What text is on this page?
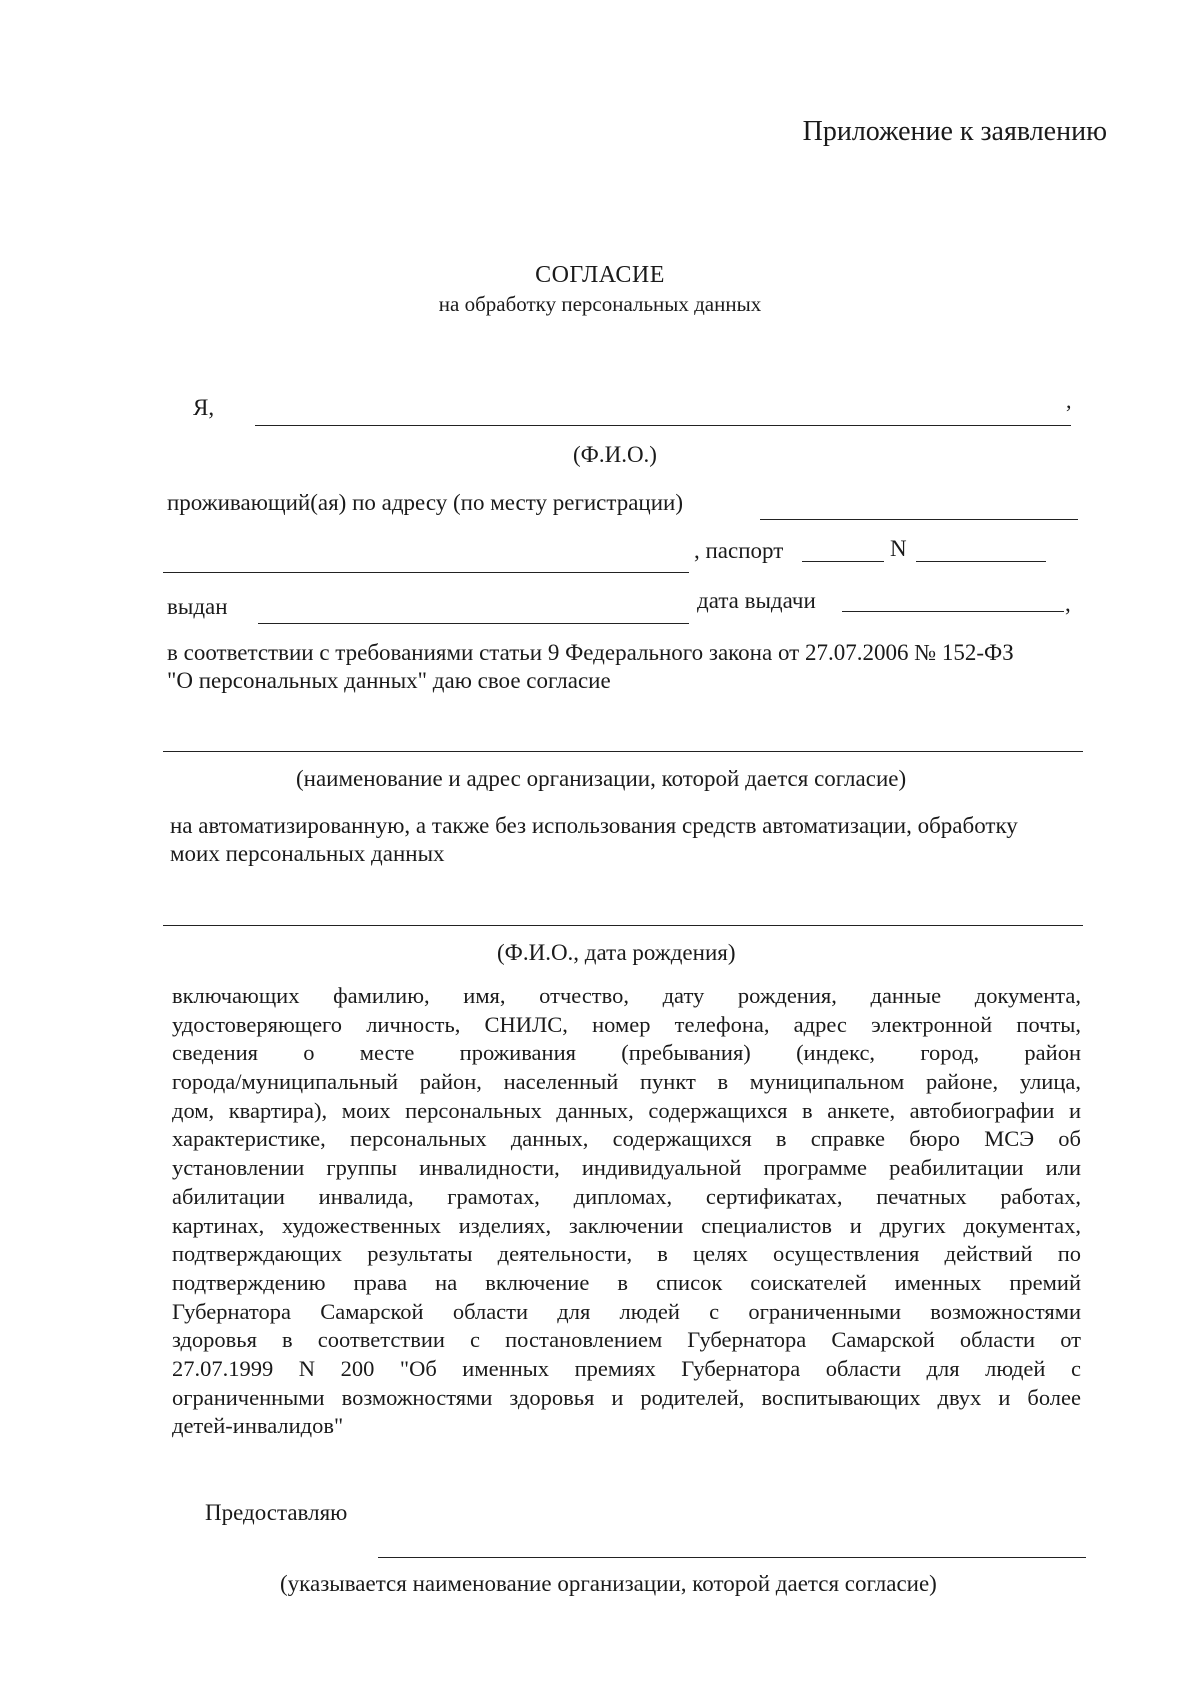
Приложение к заявлению
СОГЛАСИЕ
на обработку персональных данных
Я,	,
(Ф.И.О.)
проживающий(ая) по адресу (по месту регистрации)
, паспорт	N
выдан	дата выдачи	,
в соответствии с требованиями статьи 9 Федерального закона от 27.07.2006 № 152-ФЗ
"О персональных данных" даю свое согласие
(наименование и адрес организации, которой дается согласие)
на автоматизированную, а также без использования средств автоматизации, обработку
моих персональных данных
(Ф.И.О., дата рождения)
включающих фамилию, имя, отчество, дату рождения, данные документа,
удостоверяющего личность, СНИЛС, номер телефона, адрес электронной почты,
сведения о месте проживания (пребывания) (индекс, город, район
города/муниципальный район, населенный пункт в муниципальном районе, улица,
дом, квартира), моих персональных данных, содержащихся в анкете, автобиографии и
характеристике, персональных данных, содержащихся в справке бюро МСЭ об
установлении группы инвалидности, индивидуальной программе реабилитации или
абилитации инвалида, грамотах, дипломах, сертификатах, печатных работах,
картинах, художественных изделиях, заключении специалистов и других документах,
подтверждающих результаты деятельности, в целях осуществления действий по
подтверждению права на включение в список соискателей именных премий
Губернатора Самарской области для людей с ограниченными возможностями
здоровья в соответствии с постановлением Губернатора Самарской области от
27.07.1999 N 200 "Об именных премиях Губернатора области для людей с
ограниченными возможностями здоровья и родителей, воспитывающих двух и более
детей-инвалидов"
Предоставляю
(указывается наименование организации, которой дается согласие)
